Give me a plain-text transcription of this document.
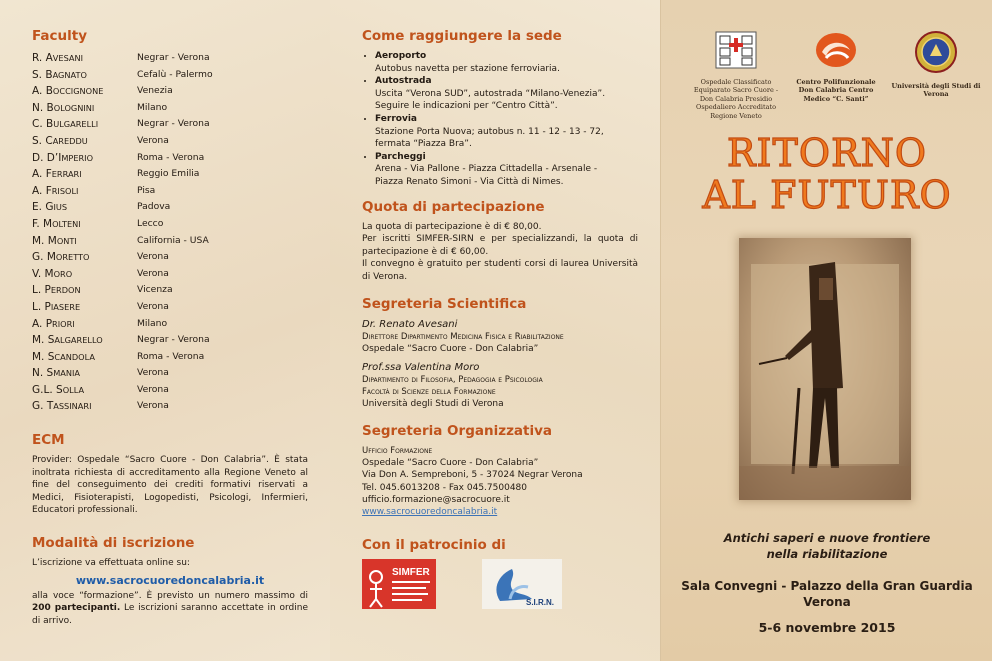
Faculty
R. AVESANI	Negrar - Verona
S. BAGNATO	Cefalù - Palermo
A. BOCCIGNONE	Venezia
N. BOLOGNINI	Milano
C. BULGARELLI	Negrar - Verona
S. CAREDDU	Verona
D. D’IMPERIO	Roma - Verona
A. FERRARI	Reggio Emilia
A. FRISOLI	Pisa
E. GIUS	Padova
F. MOLTENI	Lecco
M. MONTI	California - USA
G. MORETTO	Verona
V. MORO	Verona
L. PERDON	Vicenza
L. PIASERE	Verona
A. PRIORI	Milano
M. SALGARELLO	Negrar - Verona
M. SCANDOLA	Roma - Verona
N. SMANIA	Verona
G.L. SOLLA	Verona
G. TASSINARI	Verona
ECM

Provider: Ospedale “Sacro Cuore - Don Calabria”. È stata inoltrata richiesta di accreditamento alla Regione Veneto al fine del conseguimento dei crediti formativi riservati a Medici, Fisioterapisti, Logopedisti, Psicologi, Infermieri, Educatori professionali.

Modalità di iscrizione

L’iscrizione va effettuata online su:

www.sacrocuoredoncalabria.it

alla voce “formazione”. È previsto un numero massimo di 200 partecipanti. Le iscrizioni saranno accettate in ordine di arrivo.

Come raggiungere la sede
• Aeroporto
Autobus navetta per stazione ferroviaria.
• Autostrada
Uscita “Verona SUD”, autostrada “Milano-Venezia”.
Seguire le indicazioni per “Centro Città”.
• Ferrovia
Stazione Porta Nuova; autobus n. 11 - 12 - 13 - 72, fermata “Piazza Bra”.
• Parcheggi
Arena - Via Pallone - Piazza Cittadella - Arsenale -
Piazza Renato Simoni - Via Città di Nimes.
Quota di partecipazione

La quota di partecipazione è di € 80,00.

Per iscritti SIMFER-SIRN e per specializzandi, la quota di partecipazione è di € 60,00.

Il convegno è gratuito per studenti corsi di laurea Università di Verona.

Segreteria Scientifica
Dr. Renato Avesani
Direttore Dipartimento Medicina Fisica e Riabilitazione
Ospedale “Sacro Cuore - Don Calabria”
Prof.ssa Valentina Moro
Dipartimento di Filosofia, Pedagogia e Psicologia
Facoltà di Scienze della Formazione
Università degli Studi di Verona
Segreteria Organizzativa
Ufficio Formazione
Ospedale “Sacro Cuore - Don Calabria”
Via Don A. Sempreboni, 5 - 37024 Negrar Verona
Tel. 045.6013208 - Fax 045.7500480
ufficio.formazione@sacrocuore.it
www.sacrocuoredoncalabria.it
Con il patrocinio di
SIMFER
S.I.R.N.
Ospedale Classificato Equiparato Sacro Cuore - Don Calabria Presidio Ospedaliero Accreditato Regione Veneto
Centro Polifunzionale Don Calabria Centro Medico “C. Santi”
Università degli Studi di Verona
RITORNO
AL FUTURO
Antichi saperi e nuove frontiere
nella riabilitazione
Sala Convegni - Palazzo della Gran Guardia
Verona
5-6 novembre 2015
